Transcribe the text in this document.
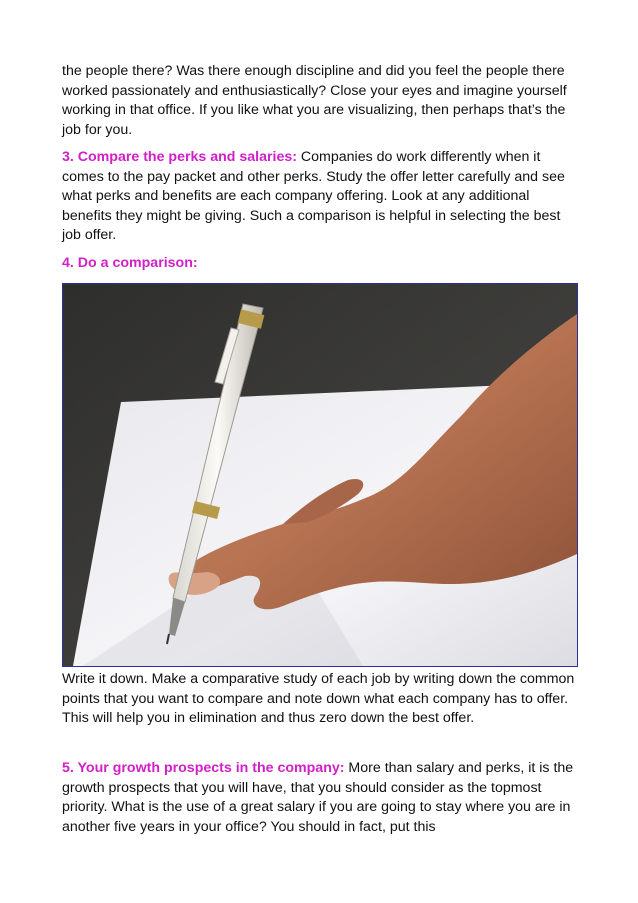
the people there? Was there enough discipline and did you feel the people there worked passionately and enthusiastically? Close your eyes and imagine yourself working in that office. If you like what you are visualizing, then perhaps that’s the job for you.

3. Compare the perks and salaries: Companies do work differently when it comes to the pay packet and other perks. Study the offer letter carefully and see what perks and benefits are each company offering. Look at any additional benefits they might be giving. Such a comparison is helpful in selecting the best job offer.

4. Do a comparison:

Write it down. Make a comparative study of each job by writing down the common points that you want to compare and note down what each company has to offer. This will help you in elimination and thus zero down the best offer.

5. Your growth prospects in the company: More than salary and perks, it is the growth prospects that you will have, that you should consider as the topmost priority. What is the use of a great salary if you are going to stay where you are in another five years in your office? You should in fact, put this
